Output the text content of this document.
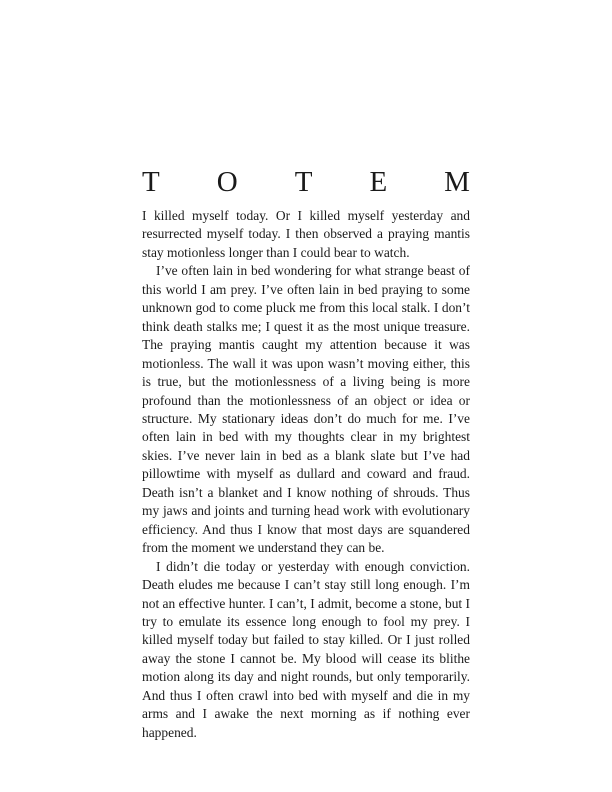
T O T E M

I killed myself today. Or I killed myself yesterday and resurrected myself today. I then observed a praying mantis stay motionless longer than I could bear to watch.

I’ve often lain in bed wondering for what strange beast of this world I am prey. I’ve often lain in bed praying to some unknown god to come pluck me from this local stalk. I don’t think death stalks me; I quest it as the most unique treasure. The praying mantis caught my attention because it was motionless. The wall it was upon wasn’t moving either, this is true, but the motionlessness of a living being is more profound than the motionlessness of an object or idea or structure. My stationary ideas don’t do much for me. I’ve often lain in bed with my thoughts clear in my brightest skies. I’ve never lain in bed as a blank slate but I’ve had pillowtime with myself as dullard and coward and fraud. Death isn’t a blanket and I know nothing of shrouds. Thus my jaws and joints and turning head work with evolutionary efficiency. And thus I know that most days are squandered from the moment we understand they can be.

I didn’t die today or yesterday with enough conviction. Death eludes me because I can’t stay still long enough. I’m not an effective hunter. I can’t, I admit, become a stone, but I try to emulate its essence long enough to fool my prey. I killed myself today but failed to stay killed. Or I just rolled away the stone I cannot be. My blood will cease its blithe motion along its day and night rounds, but only temporarily. And thus I often crawl into bed with myself and die in my arms and I awake the next morning as if nothing ever happened.
